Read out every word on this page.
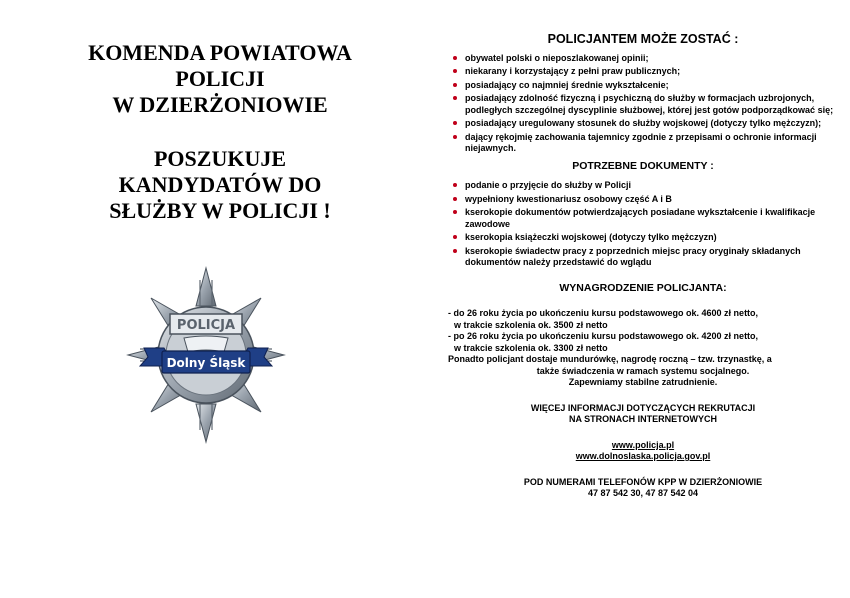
KOMENDA POWIATOWA

POLICJI

W DZIERŻONIOWIE

POSZUKUJE

KANDYDATÓW DO

SŁUŻBY W POLICJI !

POLICJA
Dolny Śląsk

POLICJANTEM MOŻE ZOSTAĆ :

obywatel polski o nieposzlakowanej opinii;
niekarany i korzystający z pełni praw publicznych;
posiadający co najmniej średnie wykształcenie;
posiadający zdolność fizyczną i psychiczną do służby w formacjach uzbrojonych, podległych szczególnej dyscyplinie służbowej, której jest gotów podporządkować się;
posiadający uregulowany stosunek do służby wojskowej (dotyczy tylko mężczyzn);
dający rękojmię zachowania tajemnicy zgodnie z przepisami o ochronie informacji niejawnych.

POTRZEBNE DOKUMENTY :

podanie o przyjęcie do służby w Policji
wypełniony kwestionariusz osobowy część A i B
kserokopie dokumentów potwierdzających posiadane wykształcenie i kwalifikacje zawodowe
kserokopia książeczki wojskowej (dotyczy tylko mężczyzn)
kserokopie świadectw pracy z poprzednich miejsc pracy oryginały składanych dokumentów należy przedstawić do wglądu

WYNAGRODZENIE POLICJANTA:

- do 26 roku życia po ukończeniu kursu podstawowego ok. 4600 zł netto,

w trakcie szkolenia ok. 3500 zł netto

- po 26 roku życia po ukończeniu kursu podstawowego ok. 4200 zł netto,

w trakcie szkolenia ok. 3300 zł netto

Ponadto policjant dostaje mundurówkę, nagrodę roczną – tzw. trzynastkę, a

także świadczenia w ramach systemu socjalnego.

Zapewniamy stabilne zatrudnienie.

WIĘCEJ INFORMACJI DOTYCZĄCYCH REKRUTACJI

NA STRONACH INTERNETOWYCH

www.policja.pl

www.dolnoslaska.policja.gov.pl

POD NUMERAMI TELEFONÓW KPP W DZIERŻONIOWIE

47 87 542 30, 47 87 542 04
